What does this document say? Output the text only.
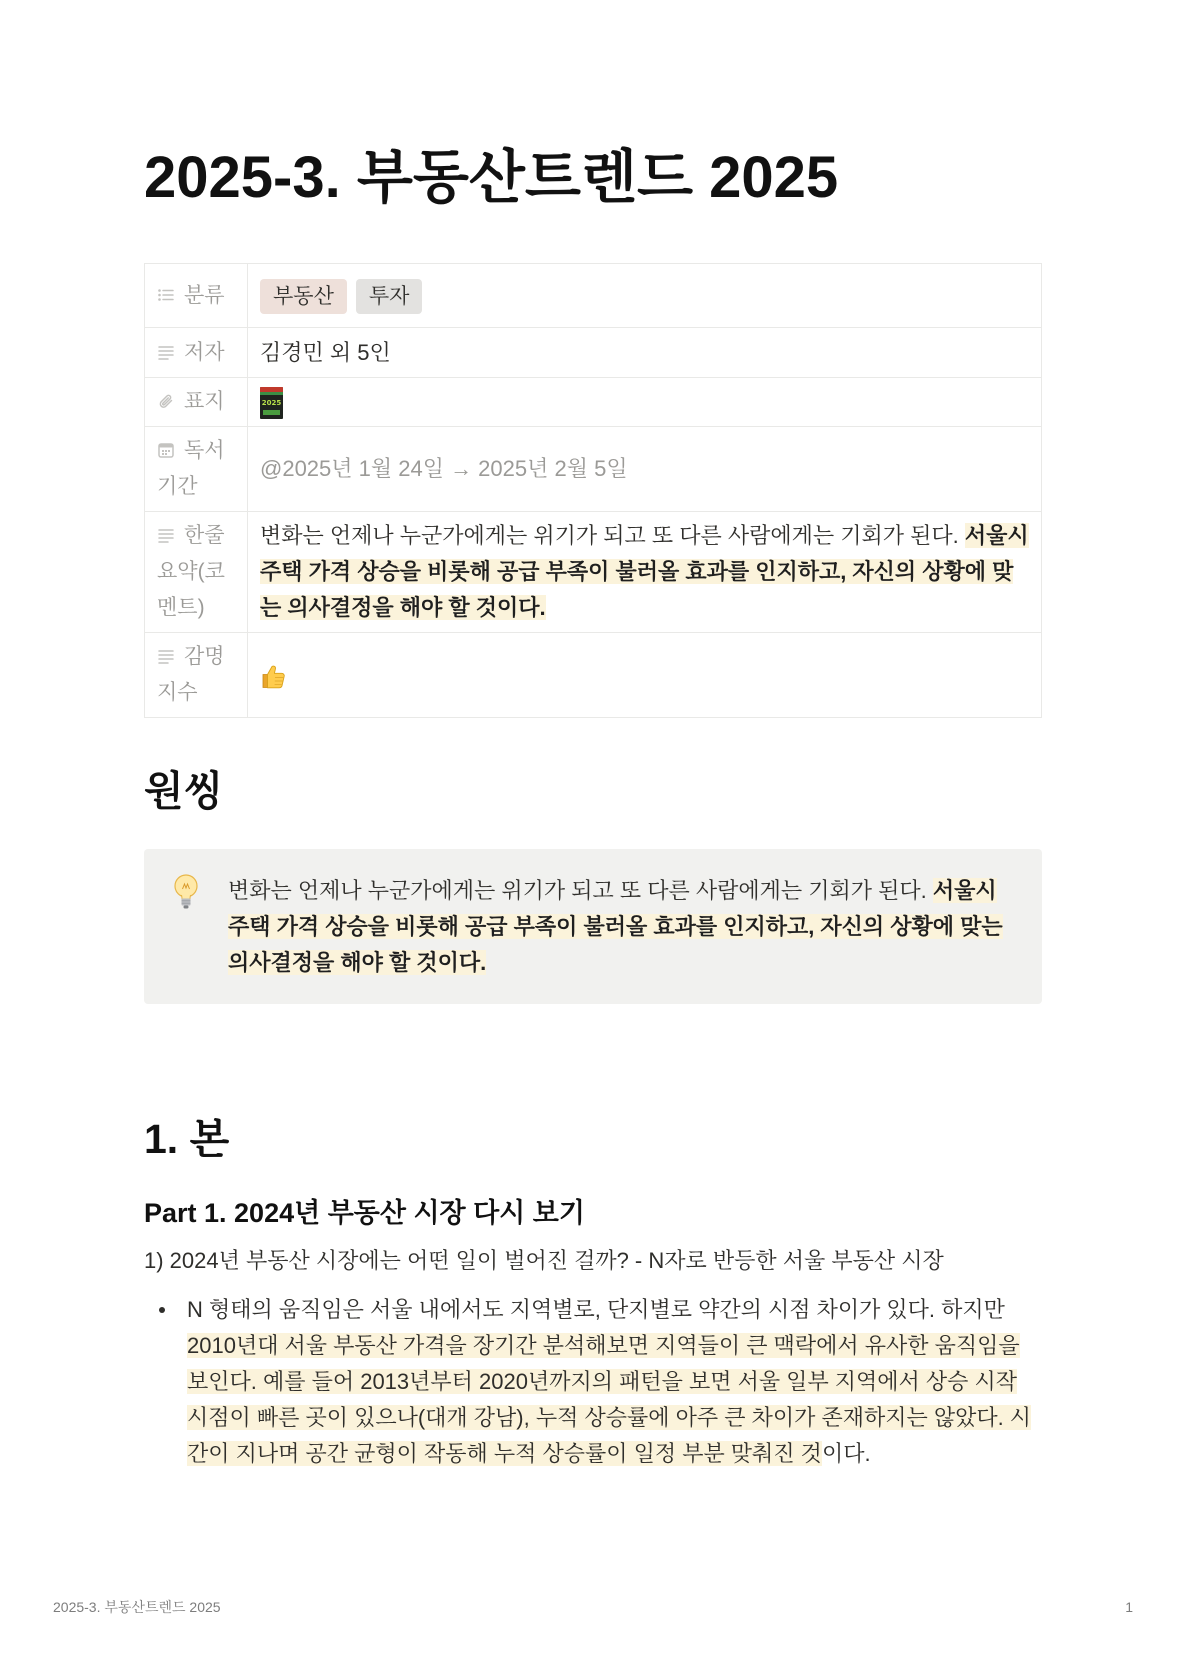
2025-3. 부동산트렌드 2025
분류	부동산 투자

저자	김경민 외 5인

표지	2025

독서 기간	@2025년 1월 24일 → 2025년 2월 5일

한줄 요약(코멘트)	변화는 언제나 누군가에게는 위기가 되고 또 다른 사람에게는 기회가 된다. 서울시 주택 가격 상승을 비롯해 공급 부족이 불러올 효과를 인지하고, 자신의 상황에 맞는 의사결정을 해야 할 것이다.

감명 지수	
원씽
변화는 언제나 누군가에게는 위기가 되고 또 다른 사람에게는 기회가 된다. 서울시 주택 가격 상승을 비롯해 공급 부족이 불러올 효과를 인지하고, 자신의 상황에 맞는 의사결정을 해야 할 것이다.
1. 본
Part 1. 2024년 부동산 시장 다시 보기

1) 2024년 부동산 시장에는 어떤 일이 벌어진 걸까? - N자로 반등한 서울 부동산 시장

N 형태의 움직임은 서울 내에서도 지역별로, 단지별로 약간의 시점 차이가 있다. 하지만 2010년대 서울 부동산 가격을 장기간 분석해보면 지역들이 큰 맥락에서 유사한 움직임을 보인다. 예를 들어 2013년부터 2020년까지의 패턴을 보면 서울 일부 지역에서 상승 시작 시점이 빠른 곳이 있으나(대개 강남), 누적 상승률에 아주 큰 차이가 존재하지는 않았다. 시간이 지나며 공간 균형이 작동해 누적 상승률이 일정 부분 맞춰진 것이다.
2025-3. 부동산트렌드 2025	1
